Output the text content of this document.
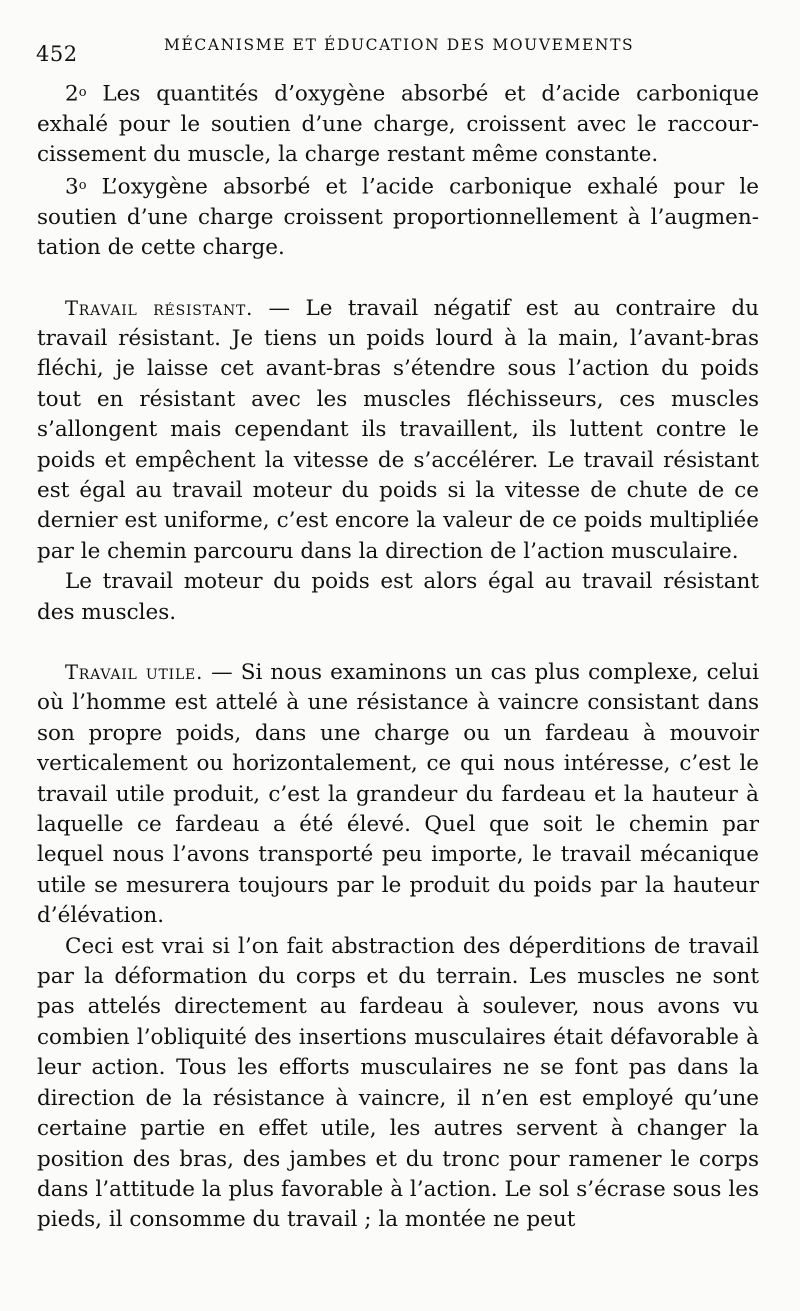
452	MÉCANISME ET ÉDUCATION DES MOUVEMENTS

2$^o$ Les quantités d’oxygène absorbé et d’acide carbonique exhalé pour le soutien d’une charge, croissent avec le raccourcissement du muscle, la charge restant même constante.

3$^o$ L’oxygène absorbé et l’acide carbonique exhalé pour le soutien d’une charge croissent proportionnellement à l’augmentation de cette charge.

Travail résistant. — Le travail négatif est au contraire du travail résistant. Je tiens un poids lourd à la main, l’avant-bras fléchi, je laisse cet avant-bras s’étendre sous l’action du poids tout en résistant avec les muscles fléchisseurs, ces muscles s’allongent mais cependant ils travaillent, ils luttent contre le poids et empêchent la vitesse de s’accélérer. Le travail résistant est égal au travail moteur du poids si la vitesse de chute de ce dernier est uniforme, c’est encore la valeur de ce poids multipliée par le chemin parcouru dans la direction de l’action musculaire.

Le travail moteur du poids est alors égal au travail résistant des muscles.

Travail utile. — Si nous examinons un cas plus complexe, celui où l’homme est attelé à une résistance à vaincre consistant dans son propre poids, dans une charge ou un fardeau à mouvoir verticalement ou horizontalement, ce qui nous intéresse, c’est le travail utile produit, c’est la grandeur du fardeau et la hauteur à laquelle ce fardeau a été élevé. Quel que soit le chemin par lequel nous l’avons transporté peu importe, le travail mécanique utile se mesurera toujours par le produit du poids par la hauteur d’élévation.

Ceci est vrai si l’on fait abstraction des déperditions de travail par la déformation du corps et du terrain. Les muscles ne sont pas attelés directement au fardeau à soulever, nous avons vu combien l’obliquité des insertions musculaires était défavorable à leur action. Tous les efforts musculaires ne se font pas dans la direction de la résistance à vaincre, il n’en est employé qu’une certaine partie en effet utile, les autres servent à changer la position des bras, des jambes et du tronc pour ramener le corps dans l’attitude la plus favorable à l’action. Le sol s’écrase sous les pieds, il consomme du travail ; la montée ne peut
